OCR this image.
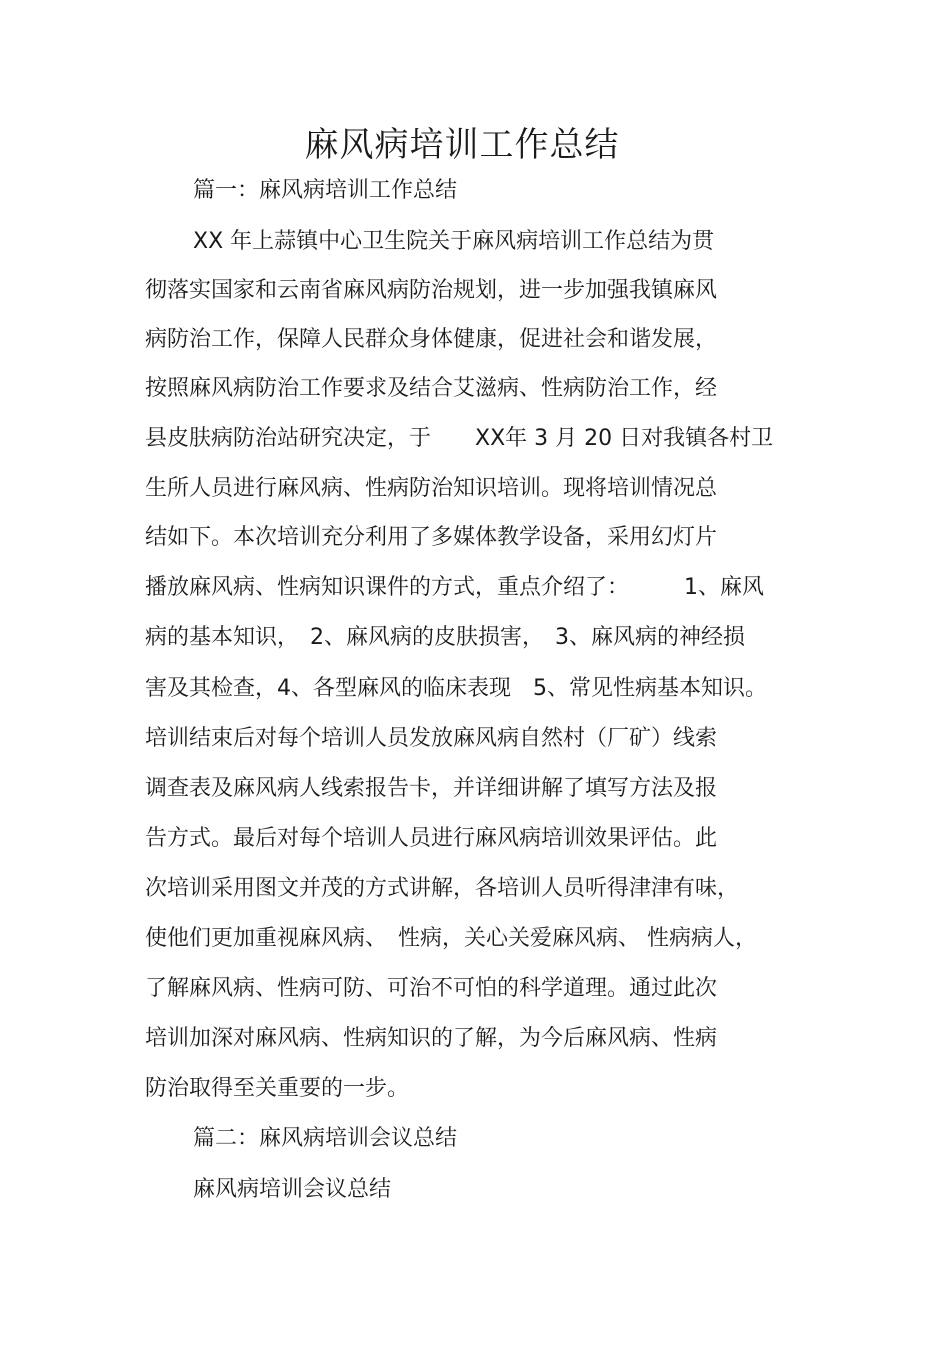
麻风病培训工作总结
篇一：麻风病培训工作总结
XX 年上蒜镇中心卫生院关于麻风病培训工作总结为贯
彻落实国家和云南省麻风病防治规划，进一步加强我镇麻风
病防治工作，保障人民群众身体健康，促进社会和谐发展，
按照麻风病防治工作要求及结合艾滋病、性病防治工作，经
县皮肤病防治站研究决定，于　　XX年 3 月 20 日对我镇各村卫
生所人员进行麻风病、性病防治知识培训。现将培训情况总
结如下。本次培训充分利用了多媒体教学设备，采用幻灯片
播放麻风病、性病知识课件的方式，重点介绍了：　　　1、麻风
病的基本知识，　2、麻风病的皮肤损害，　3、麻风病的神经损
害及其检查，4、各型麻风的临床表现　5、常见性病基本知识。
培训结束后对每个培训人员发放麻风病自然村（厂矿）线索
调查表及麻风病人线索报告卡，并详细讲解了填写方法及报
告方式。最后对每个培训人员进行麻风病培训效果评估。此
次培训采用图文并茂的方式讲解，各培训人员听得津津有味，
使他们更加重视麻风病、　性病，关心关爱麻风病、 性病病人，
了解麻风病、性病可防、可治不可怕的科学道理。通过此次
培训加深对麻风病、性病知识的了解，为今后麻风病、性病
防治取得至关重要的一步。
篇二：麻风病培训会议总结
麻风病培训会议总结
